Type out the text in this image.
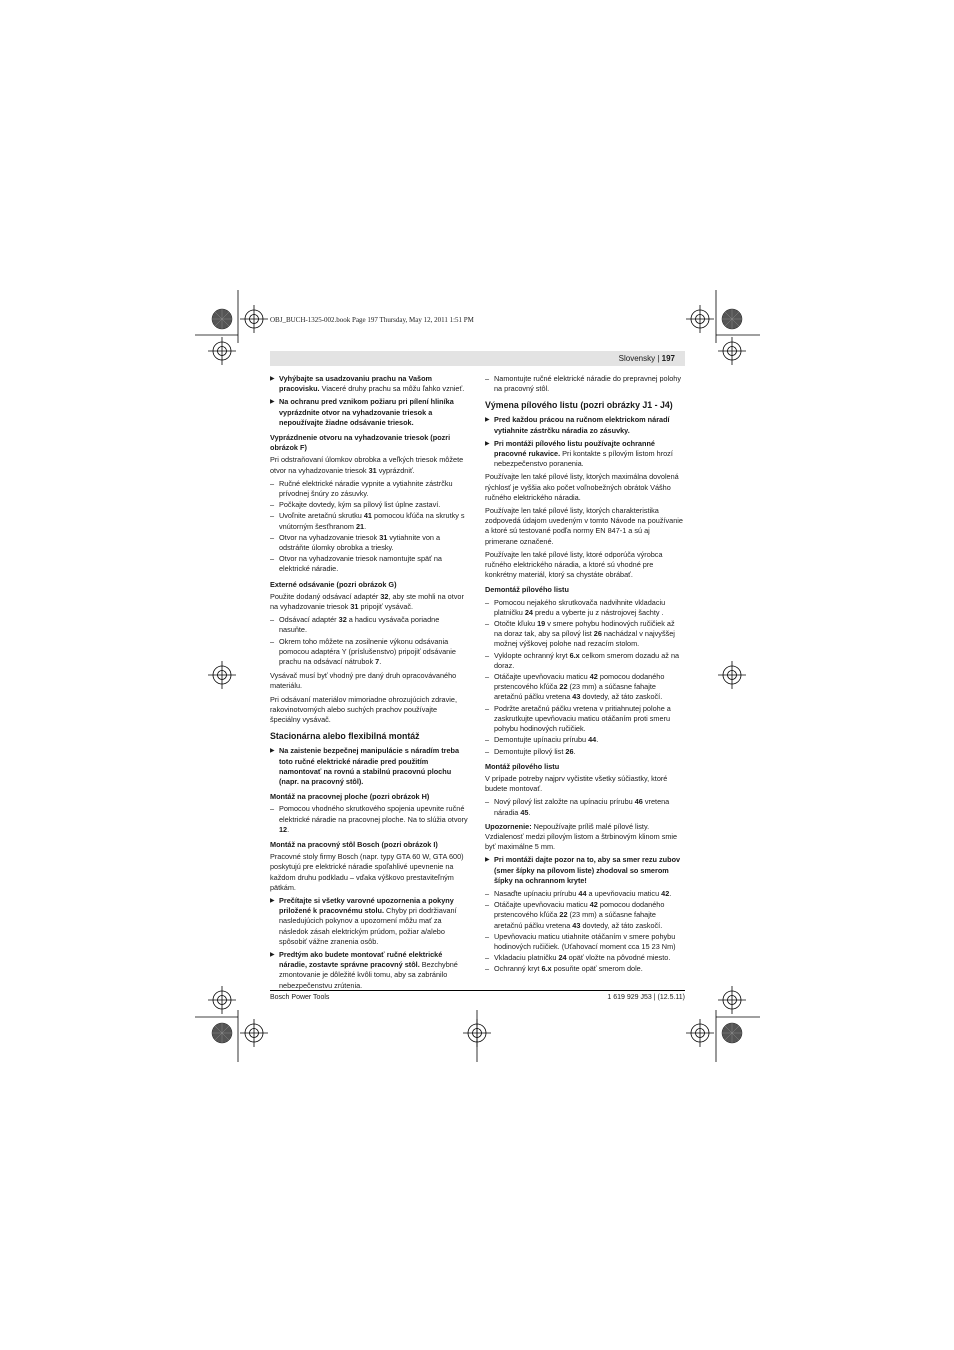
OBJ_BUCH-1325-002.book Page 197 Thursday, May 12, 2011 1:51 PM
Slovensky | 197
▶ Vyhýbajte sa usadzovaniu prachu na Vašom pracovisku. Viaceré druhy prachu sa môžu ľahko vznieť.
▶ Na ochranu pred vznikom požiaru pri pílení hliníka vyprázdnite otvor na vyhadzovanie triesok a nepoužívajte žiadne odsávanie triesok.
Vyprázdnenie otvoru na vyhadzovanie triesok (pozri obrázok F)

Pri odstraňovaní úlomkov obrobka a veľkých triesok môžete otvor na vyhadzovanie triesok 31 vyprázdniť.

– Ručné elektrické náradie vypnite a vytiahnite zástrčku prívodnej šnúry zo zásuvky.
– Počkajte dovtedy, kým sa pílový list úplne zastaví.
– Uvoľnite aretačnú skrutku 41 pomocou kľúča na skrutky s vnútorným šesťhranom 21.
– Otvor na vyhadzovanie triesok 31 vytiahnite von a odstráňte úlomky obrobka a triesky.
– Otvor na vyhadzovanie triesok namontujte späť na elektrické náradie.
Externé odsávanie (pozri obrázok G)

Použite dodaný odsávací adaptér 32, aby ste mohli na otvor na vyhadzovanie triesok 31 pripojiť vysávač.

– Odsávací adaptér 32 a hadicu vysávača poriadne nasuňte.
– Okrem toho môžete na zosilnenie výkonu odsávania pomocou adaptéra Y (príslušenstvo) pripojiť odsávanie prachu na odsávací nátrubok 7.

Vysávač musí byť vhodný pre daný druh opracovávaného materiálu.

Pri odsávaní materiálov mimoriadne ohrozujúcich zdravie, rakovinotvorných alebo suchých prachov používajte špeciálny vysávač.

Stacionárna alebo flexibilná montáž
▶ Na zaistenie bezpečnej manipulácie s náradím treba toto ručné elektrické náradie pred použitím namontovať na rovnú a stabilnú pracovnú plochu (napr. na pracovný stôl).
Montáž na pracovnej ploche (pozri obrázok H)
– Pomocou vhodného skrutkového spojenia upevnite ručné elektrické náradie na pracovnej ploche. Na to slúžia otvory 12.
Montáž na pracovný stôl Bosch (pozri obrázok I)

Pracovné stoly firmy Bosch (napr. typy GTA 60 W, GTA 600) poskytujú pre elektrické náradie spoľahlivé upevnenie na každom druhu podkladu – vďaka výškovo prestaviteľným pätkám.

▶ Prečítajte si všetky varovné upozornenia a pokyny priložené k pracovnému stolu. Chyby pri dodržiavaní nasledujúcich pokynov a upozornení môžu mať za následok zásah elektrickým prúdom, požiar a/alebo spôsobiť vážne zranenia osôb.
▶ Predtým ako budete montovať ručné elektrické náradie, zostavte správne pracovný stôl. Bezchybné zmontovanie je dôležité kvôli tomu, aby sa zabránilo nebezpečenstvu zrútenia.
– Namontujte ručné elektrické náradie do prepravnej polohy na pracovný stôl.
Výmena pílového listu (pozri obrázky J1 - J4)
▶ Pred každou prácou na ručnom elektrickom náradí vytiahnite zástrčku náradia zo zásuvky.
▶ Pri montáži pílového listu používajte ochranné pracovné rukavice. Pri kontakte s pílovým listom hrozí nebezpečenstvo poranenia.

Používajte len také pílové listy, ktorých maximálna dovolená rýchlosť je vyššia ako počet voľnobežných obrátok Vášho ručného elektrického náradia.

Používajte len také pílové listy, ktorých charakteristika zodpovedá údajom uvedeným v tomto Návode na používanie a ktoré sú testované podľa normy EN 847-1 a sú aj primerane označené.

Používajte len také pílové listy, ktoré odporúča výrobca ručného elektrického náradia, a ktoré sú vhodné pre konkrétny materiál, ktorý sa chystáte obrábať.

Demontáž pílového listu
– Pomocou nejakého skrutkovača nadvihnite vkladaciu platničku 24 predu a vyberte ju z nástrojovej šachty .
– Otočte kľuku 19 v smere pohybu hodinových ručičiek až na doraz tak, aby sa pílový list 26 nachádzal v najvyššej možnej výškovej polohe nad rezacím stolom.
– Vyklopte ochranný kryt 6.x celkom smerom dozadu až na doraz.
– Otáčajte upevňovaciu maticu 42 pomocou dodaného prstencového kľúča 22 (23 mm) a súčasne fahajte aretačnú páčku vretena 43 dovtedy, až táto zaskočí.
– Podržte aretačnú páčku vretena v pritiahnutej polohe a zaskrutkujte upevňovaciu maticu otáčaním proti smeru pohybu hodinových ručičiek.
– Demontujte upínaciu prírubu 44.
– Demontujte pílový list 26.
Montáž pílového listu

V prípade potreby najprv vyčistite všetky súčiastky, ktoré budete montovať.

– Nový pílový list založte na upínaciu prírubu 46 vretena náradia 45.

Upozornenie: Nepoužívajte príliš malé pílové listy. Vzdialenosť medzi pílovým listom a štrbinovým klinom smie byť maximálne 5 mm.

▶ Pri montáži dajte pozor na to, aby sa smer rezu zubov (smer šípky na pílovom liste) zhodoval so smerom šípky na ochrannom kryte!
– Nasaďte upínaciu prírubu 44 a upevňovaciu maticu 42.
– Otáčajte upevňovaciu maticu 42 pomocou dodaného prstencového kľúča 22 (23 mm) a súčasne fahajte aretačnú páčku vretena 43 dovtedy, až táto zaskočí.
– Upevňovaciu maticu utiahnite otáčaním v smere pohybu hodinových ručičiek. (Uťahovací moment cca 15 23 Nm)
– Vkladaciu platničku 24 opäť vložte na pôvodné miesto.
– Ochranný kryt 6.x posuňte opäť smerom dole.
Bosch Power Tools	1 619 929 J53 | (12.5.11)
